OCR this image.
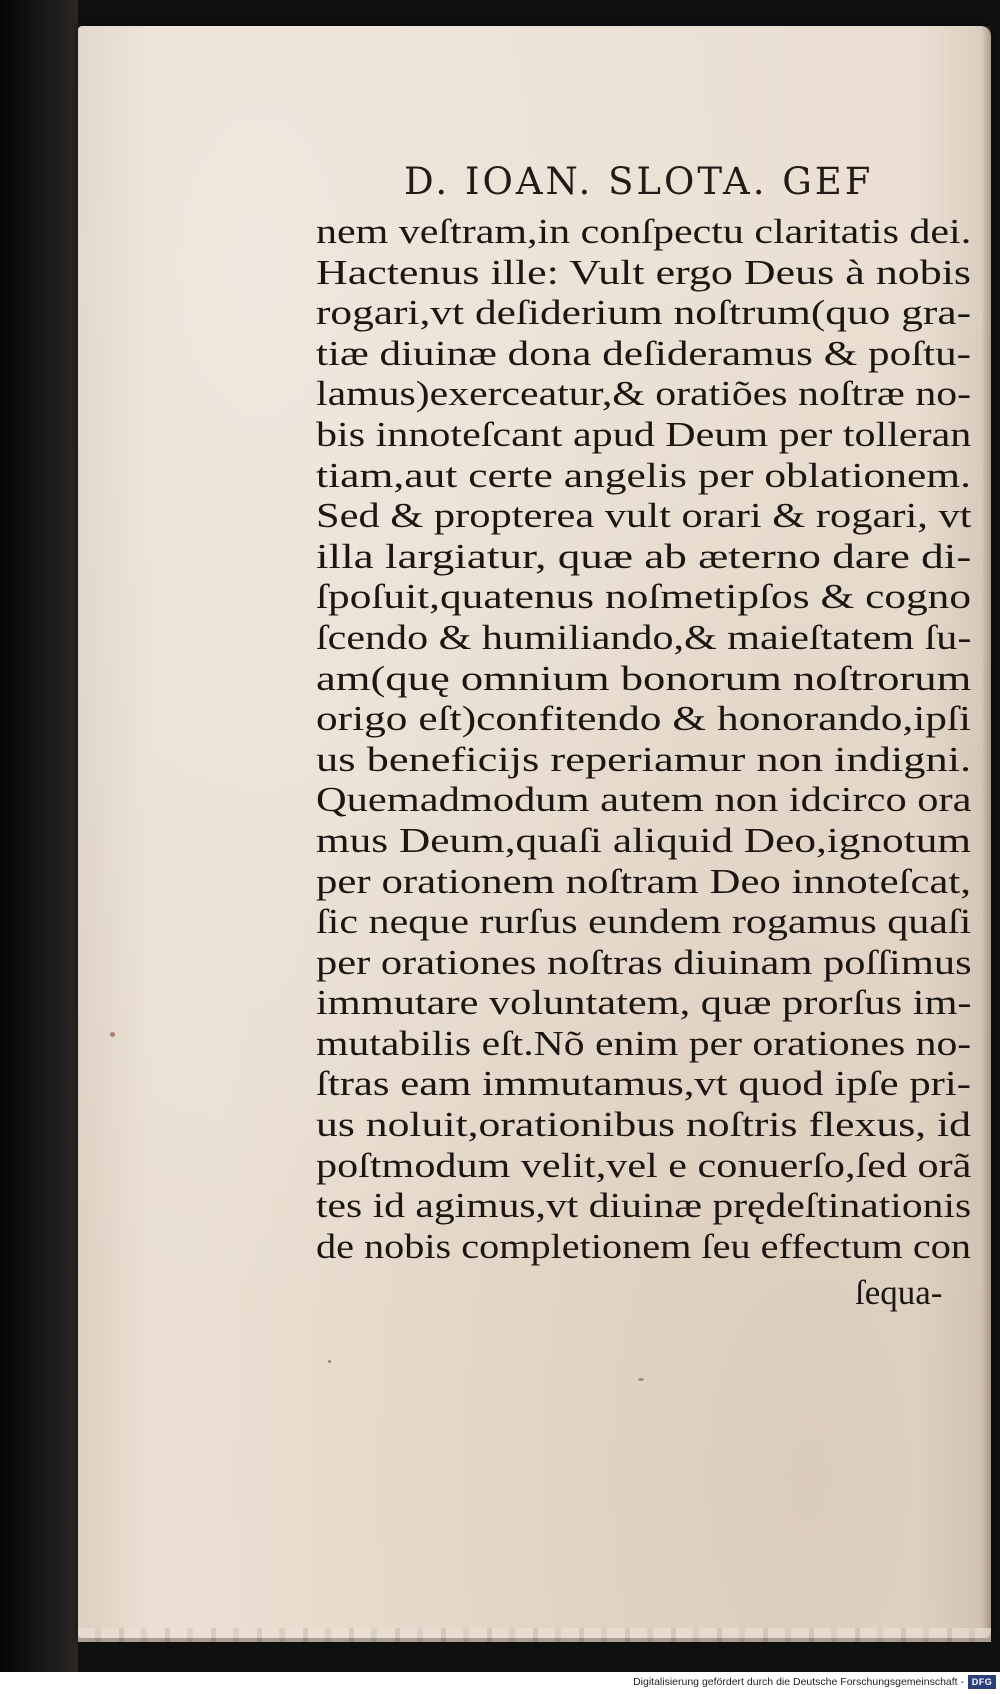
D. IOAN. SLOTA. GEF
nem veſtram,in conſpectu claritatis dei.
Hactenus ille: Vult ergo Deus à nobis
rogari,vt deſiderium noſtrum(quo gra-
tiæ diuinæ dona deſideramus & poſtu-
lamus)exerceatur,& oratiões noſtræ no-
bis innoteſcant apud Deum per tolleran
tiam,aut certe angelis per oblationem.
Sed & propterea vult orari & rogari, vt
illa largiatur, quæ ab æterno dare di-
ſpoſuit,quatenus noſmetipſos & cogno
ſcendo & humiliando,& maieſtatem ſu-
am(quę omnium bonorum noſtrorum
origo eſt)confitendo & honorando,ipſi
us beneficijs reperiamur non indigni.
Quemadmodum autem non idcirco ora
mus Deum,quaſi aliquid Deo,ignotum
per orationem noſtram Deo innoteſcat,
ſic neque rurſus eundem rogamus quaſi
per orationes noſtras diuinam poſſimus
immutare voluntatem, quæ prorſus im-
mutabilis eſt.Nõ enim per orationes no-
ſtras eam immutamus,vt quod ipſe pri-
us noluit,orationibus noſtris flexus, id
poſtmodum velit,vel e conuerſo,ſed orã
tes id agimus,vt diuinæ prędeſtinationis
de nobis completionem ſeu effectum con
ſequa-
Digitalisierung gefördert durch die Deutsche Forschungsgemeinschaft - DFG
